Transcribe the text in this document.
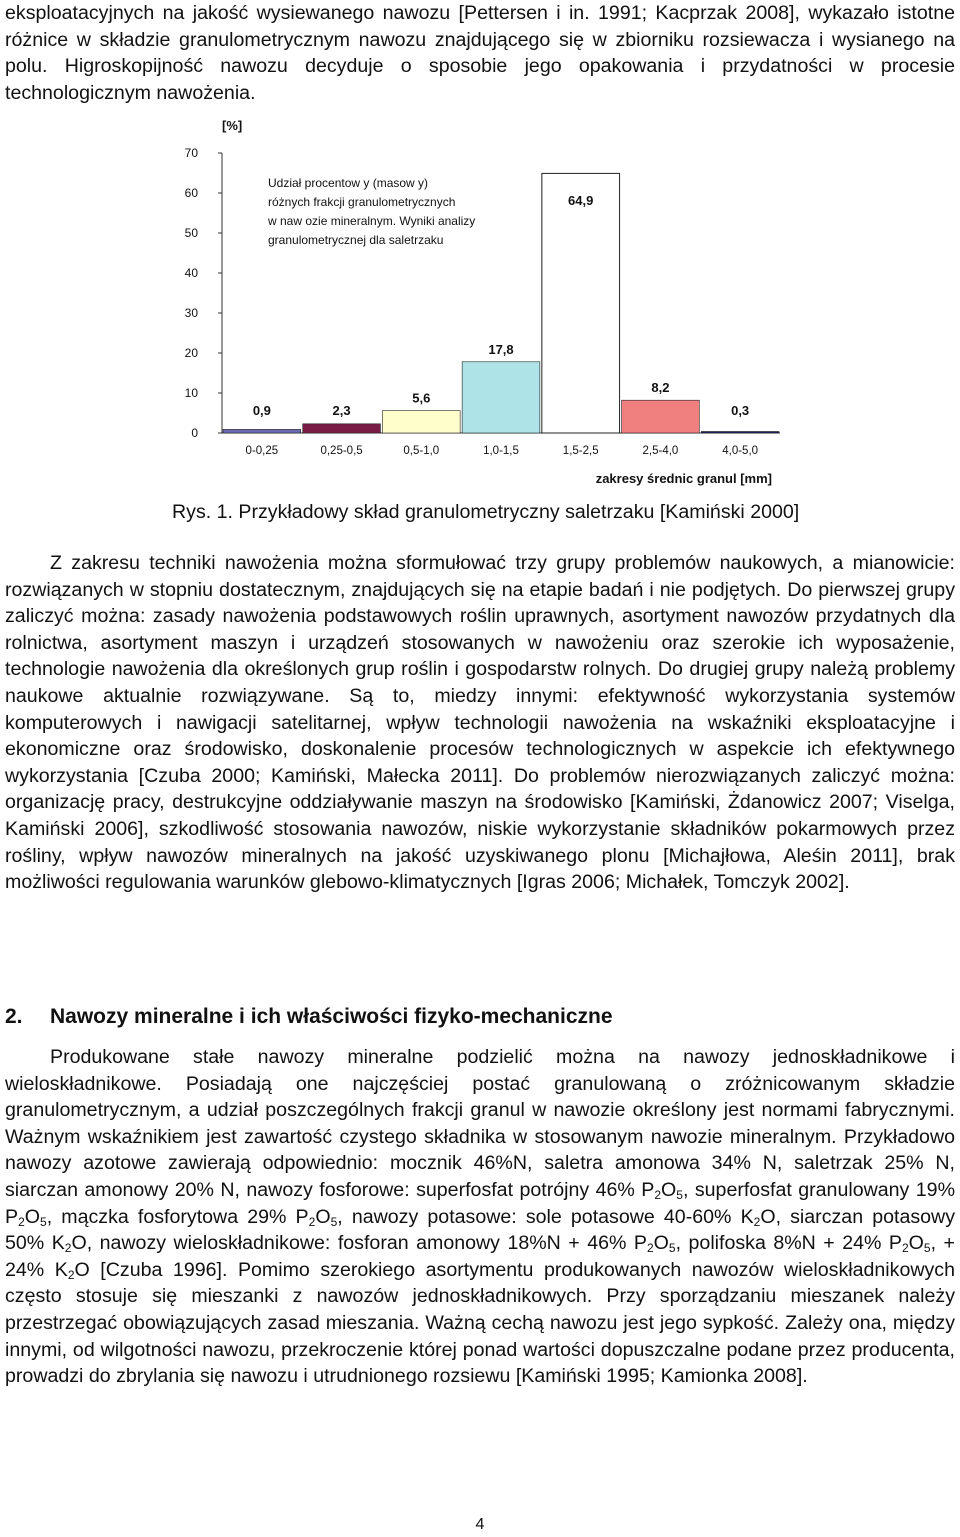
eksploatacyjnych na jakość wysiewanego nawozu [Pettersen i in. 1991; Kacprzak 2008], wykazało istotne różnice w składzie granulometrycznym nawozu znajdującego się w zbiorniku rozsiewacza i wysianego na polu. Higroskopijność nawozu decyduje o sposobie jego opakowania i przydatności w procesie technologicznym nawożenia.

[%]
0
10
20
30
40
50
60
70
0,9
0-0,25
2,3
0,25-0,5
5,6
0,5-1,0
17,8
1,0-1,5
64,9
1,5-2,5
8,2
2,5-4,0
0,3
4,0-5,0
Udział procentow y (masow y)
różnych frakcji granulometrycznych
w naw ozie mineralnym. Wyniki analizy
granulometrycznej dla saletrzaku
zakresy średnic granul [mm]

Rys. 1. Przykładowy skład granulometryczny saletrzaku [Kamiński 2000]

Z zakresu techniki nawożenia można sformułować trzy grupy problemów naukowych, a mianowicie: rozwiązanych w stopniu dostatecznym, znajdujących się na etapie badań i nie podjętych. Do pierwszej grupy zaliczyć można: zasady nawożenia podstawowych roślin uprawnych, asortyment nawozów przydatnych dla rolnictwa, asortyment maszyn i urządzeń stosowanych w nawożeniu oraz szerokie ich wyposażenie, technologie nawożenia dla określonych grup roślin i gospodarstw rolnych. Do drugiej grupy należą problemy naukowe aktualnie rozwiązywane. Są to, miedzy innymi: efektywność wykorzystania systemów komputerowych i nawigacji satelitarnej, wpływ technologii nawożenia na wskaźniki eksploatacyjne i ekonomiczne oraz środowisko, doskonalenie procesów technologicznych w aspekcie ich efektywnego wykorzystania [Czuba 2000; Kamiński, Małecka 2011]. Do problemów nierozwiązanych zaliczyć można: organizację pracy, destrukcyjne oddziaływanie maszyn na środowisko [Kamiński, Żdanowicz 2007; Viselga, Kamiński 2006], szkodliwość stosowania nawozów, niskie wykorzystanie składników pokarmowych przez rośliny, wpływ nawozów mineralnych na jakość uzyskiwanego plonu [Michajłowa, Aleśin 2011], brak możliwości regulowania warunków glebowo-klimatycznych [Igras 2006; Michałek, Tomczyk 2002].

2. Nawozy mineralne i ich właściwości fizyko-mechaniczne

Produkowane stałe nawozy mineralne podzielić można na nawozy jednoskładnikowe i wieloskładnikowe. Posiadają one najczęściej postać granulowaną o zróżnicowanym składzie granulometrycznym, a udział poszczególnych frakcji granul w nawozie określony jest normami fabrycznymi. Ważnym wskaźnikiem jest zawartość czystego składnika w stosowanym nawozie mineralnym. Przykładowo nawozy azotowe zawierają odpowiednio: mocznik 46%N, saletra amonowa 34% N, saletrzak 25% N, siarczan amonowy 20% N, nawozy fosforowe: superfosfat potrójny 46% $P_2O_5$, superfosfat granulowany 19% $P_2O_5$, mączka fosforytowa 29% $P_2O_5$, nawozy potasowe: sole potasowe 40-60% $K_2O$, siarczan potasowy 50% $K_2O$, nawozy wieloskładnikowe: fosforan amonowy 18%N + 46% $P_2O_5$, polifoska 8%N + 24% $P_2O_5$, + 24% $K_2O$ [Czuba 1996]. Pomimo szerokiego asortymentu produkowanych nawozów wieloskładnikowych często stosuje się mieszanki z nawozów jednoskładnikowych. Przy sporządzaniu mieszanek należy przestrzegać obowiązujących zasad mieszania. Ważną cechą nawozu jest jego sypkość. Zależy ona, między innymi, od wilgotności nawozu, przekroczenie której ponad wartości dopuszczalne podane przez producenta, prowadzi do zbrylania się nawozu i utrudnionego rozsiewu [Kamiński 1995; Kamionka 2008].

4
